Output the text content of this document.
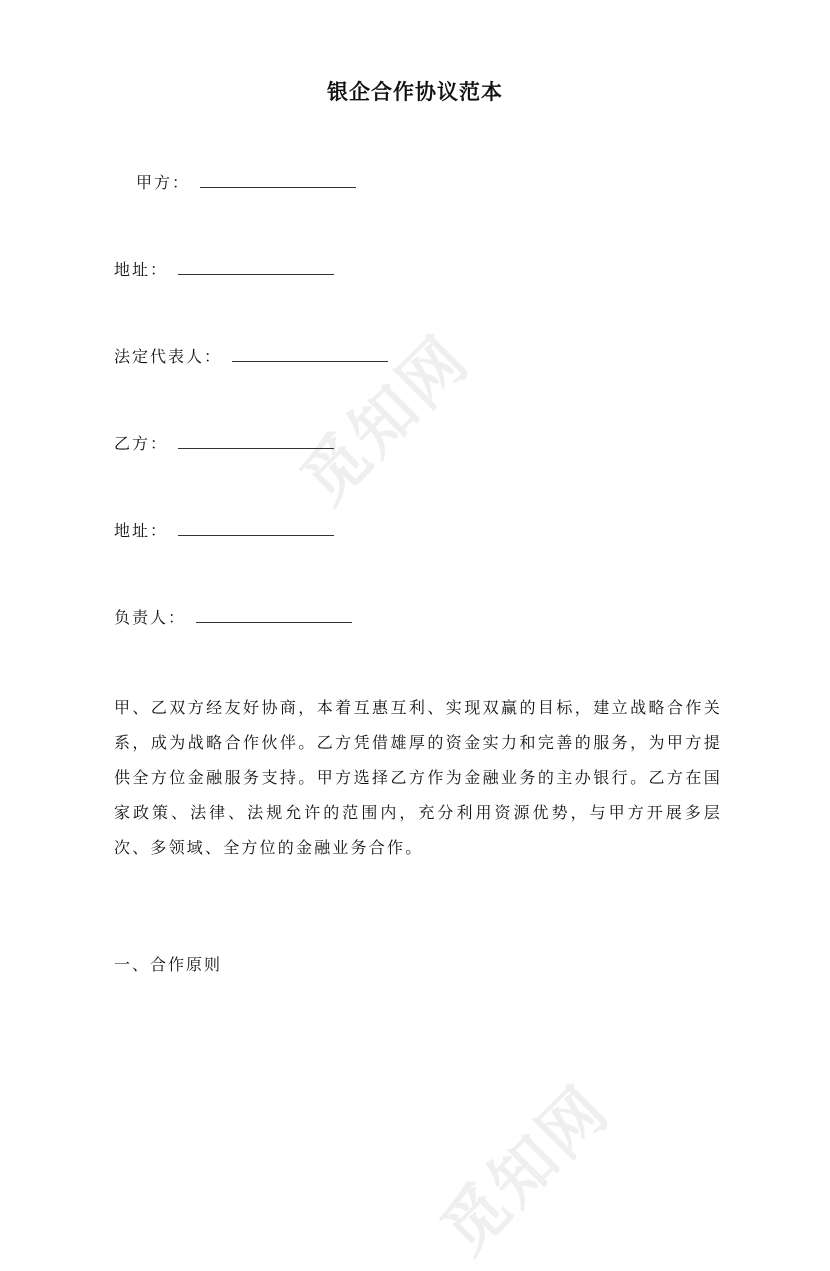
觅知网
觅知网
银企合作协议范本
甲方：
地址：
法定代表人：
乙方：
地址：
负责人：
甲、乙双方经友好协商，本着互惠互利、实现双赢的目标，建立战略合作关系，成为战略合作伙伴。乙方凭借雄厚的资金实力和完善的服务，为甲方提供全方位金融服务支持。甲方选择乙方作为金融业务的主办银行。乙方在国家政策、法律、法规允许的范围内，充分利用资源优势，与甲方开展多层次、多领域、全方位的金融业务合作。
一、合作原则
